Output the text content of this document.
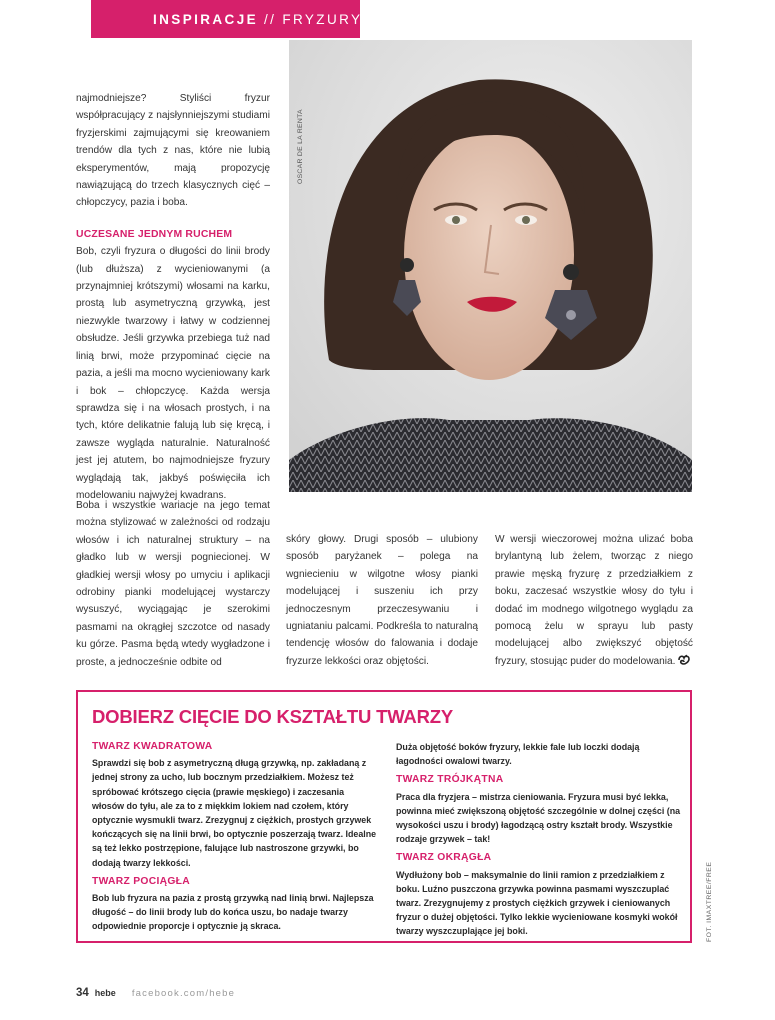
INSPIRACJE // FRYZURY

najmodniejsze? Styliści fryzur współpracujący z najsłynniejszymi studiami fryzjerskimi zajmującymi się kreowaniem trendów dla tych z nas, które nie lubią eksperymentów, mają propozycję nawiązującą do trzech klasycznych cięć – chłopczycy, pazia i boba.

UCZESANE JEDNYM RUCHEM

Bob, czyli fryzura o długości do linii brody (lub dłuższa) z wycieniowanymi (a przynajmniej krótszymi) włosami na karku, prostą lub asymetryczną grzywką, jest niezwykle twarzowy i łatwy w codziennej obsłudze. Jeśli grzywka przebiega tuż nad linią brwi, może przypominać cięcie na pazia, a jeśli ma mocno wycieniowany kark i bok – chłopczycę. Każda wersja sprawdza się i na włosach prostych, i na tych, które delikatnie falują lub się kręcą, i zawsze wygląda naturalnie. Naturalność jest jej atutem, bo najmodniejsze fryzury wyglądają tak, jakbyś poświęciła ich modelowaniu najwyżej kwadrans.

Boba i wszystkie wariacje na jego temat można stylizować w zależności od rodzaju włosów i ich naturalnej struktury – na gładko lub w wersji pogniecionej. W gładkiej wersji włosy po umyciu i aplikacji odrobiny pianki modelującej wystarczy wysuszyć, wyciągając je szerokimi pasmami na okrągłej szczotce od nasady ku górze. Pasma będą wtedy wygładzone i proste, a jednocześnie odbite od

skóry głowy. Drugi sposób – ulubiony sposób paryżanek – polega na wgniecieniu w wilgotne włosy pianki modelującej i suszeniu ich przy jednoczesnym przeczesywaniu i ugniataniu palcami. Podkreśla to naturalną tendencję włosów do falowania i dodaje fryzurze lekkości oraz objętości.

W wersji wieczorowej można ulizać boba brylantyną lub żelem, tworząc z niego prawie męską fryzurę z przedziałkiem z boku, zaczesać wszystkie włosy do tyłu i dodać im modnego wilgotnego wyglądu za pomocą żelu w sprayu lub pasty modelującej albo zwiększyć objętość fryzury, stosując puder do modelowania.

OSCAR DE LA RENTA
DOBIERZ CIĘCIE DO KSZTAŁTU TWARZY
TWARZ KWADRATOWA

Sprawdzi się bob z asymetryczną długą grzywką, np. zakładaną z jednej strony za ucho, lub bocznym przedziałkiem. Możesz też spróbować krótszego cięcia (prawie męskiego) i zaczesania włosów do tyłu, ale za to z miękkim lokiem nad czołem, który optycznie wysmukli twarz. Zrezygnuj z ciężkich, prostych grzywek kończących się na linii brwi, bo optycznie poszerzają twarz. Idealne są też lekko postrzępione, falujące lub nastroszone grzywki, bo dodają twarzy lekkości.

TWARZ POCIĄGŁA

Bob lub fryzura na pazia z prostą grzywką nad linią brwi. Najlepsza długość – do linii brody lub do końca uszu, bo nadaje twarzy odpowiednie proporcje i optycznie ją skraca.

Duża objętość boków fryzury, lekkie fale lub loczki dodają łagodności owalowi twarzy.

TWARZ TRÓJKĄTNA

Praca dla fryzjera – mistrza cieniowania. Fryzura musi być lekka, powinna mieć zwiększoną objętość szczególnie w dolnej części (na wysokości uszu i brody) łagodzącą ostry kształt brody. Wszystkie rodzaje grzywek – tak!

TWARZ OKRĄGŁA

Wydłużony bob – maksymalnie do linii ramion z przedziałkiem z boku. Luźno puszczona grzywka powinna pasmami wyszczuplać twarz. Zrezygnujemy z prostych ciężkich grzywek i cieniowanych fryzur o dużej objętości. Tylko lekkie wycieniowane kosmyki wokół twarzy wyszczuplające jej boki.	FOT. IMAXTREE/FREE
34 hebe facebook.com/hebe
